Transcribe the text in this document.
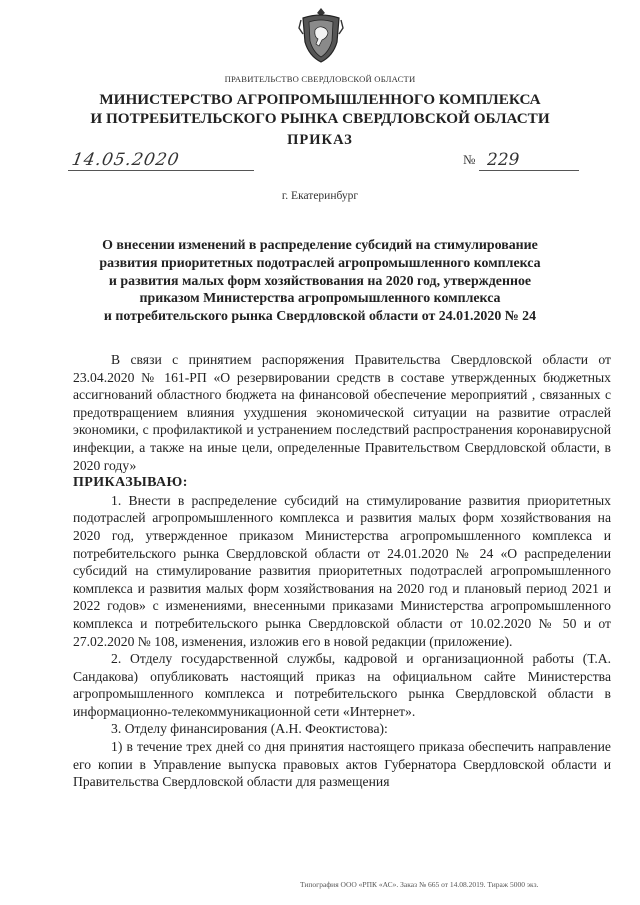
ПРАВИТЕЛЬСТВО СВЕРДЛОВСКОЙ ОБЛАСТИ
МИНИСТЕРСТВО АГРОПРОМЫШЛЕННОГО КОМПЛЕКСА
И ПОТРЕБИТЕЛЬСКОГО РЫНКА СВЕРДЛОВСКОЙ ОБЛАСТИ
ПРИКАЗ
14.05.2020	№ 229
г. Екатеринбург
О внесении изменений в распределение субсидий на стимулирование
развития приоритетных подотраслей агропромышленного комплекса
и развития малых форм хозяйствования на 2020 год, утвержденное
приказом Министерства агропромышленного комплекса
и потребительского рынка Свердловской области от 24.01.2020 № 24
В связи с принятием распоряжения Правительства Свердловской области от 23.04.2020 № 161-РП «О резервировании средств в составе утвержденных бюджетных ассигнований областного бюджета на финансовой обеспечение мероприятий , связанных с предотвращением влияния ухудшения экономической ситуации на развитие отраслей экономики, с профилактикой и устранением последствий распространения коронавирусной инфекции, а также на иные цели, определенные Правительством Свердловской области, в 2020 году»
ПРИКАЗЫВАЮ:
1. Внести в распределение субсидий на стимулирование развития приоритетных подотраслей агропромышленного комплекса и развития малых форм хозяйствования на 2020 год, утвержденное приказом Министерства агропромышленного комплекса и потребительского рынка Свердловской области от 24.01.2020 № 24 «О распределении субсидий на стимулирование развития приоритетных подотраслей агропромышленного комплекса и развития малых форм хозяйствования на 2020 год и плановый период 2021 и 2022 годов» с изменениями, внесенными приказами Министерства агропромышленного комплекса и потребительского рынка Свердловской области от 10.02.2020 № 50 и от 27.02.2020 № 108, изменения, изложив его в новой редакции (приложение).
2. Отделу государственной службы, кадровой и организационной работы (Т.А. Сандакова) опубликовать настоящий приказ на официальном сайте Министерства агропромышленного комплекса и потребительского рынка Свердловской области в информационно-телекоммуникационной сети «Интернет».
3. Отделу финансирования (А.Н. Феоктистова):
1) в течение трех дней со дня принятия настоящего приказа обеспечить направление его копии в Управление выпуска правовых актов Губернатора Свердловской области и Правительства Свердловской области для размещения
Типография ООО «РПК «АС». Заказ № 665 от 14.08.2019. Тираж 5000 экз.
